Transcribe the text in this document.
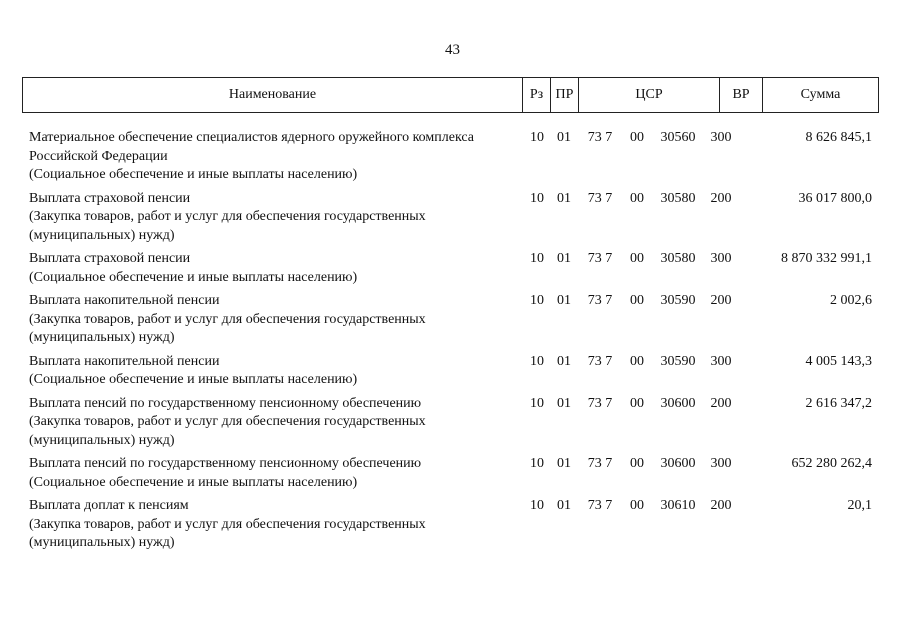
43
Наименование	Рз ПР	ЦСР	ВР	Сумма
Материальное обеспечение специалистов ядерного оружейного комплекса
Российской Федерации
(Социальное обеспечение и иные выплаты населению)
10 01 73 7 00	30560	300	8 626 845,1
Выплата страховой пенсии
(Закупка товаров, работ и услуг для обеспечения государственных
(муниципальных) нужд)
10 01 73 7 00	30580	200	36 017 800,0
Выплата страховой пенсии
(Социальное обеспечение и иные выплаты населению)
10 01 73 7 00	30580	300	8 870 332 991,1
Выплата накопительной пенсии
(Закупка товаров, работ и услуг для обеспечения государственных
(муниципальных) нужд)
10 01 73 7 00	30590	200	2 002,6
Выплата накопительной пенсии
(Социальное обеспечение и иные выплаты населению)
10 01 73 7 00	30590	300	4 005 143,3
Выплата пенсий по государственному пенсионному обеспечению
(Закупка товаров, работ и услуг для обеспечения государственных
(муниципальных) нужд)
10 01 73 7 00	30600	200	2 616 347,2
Выплата пенсий по государственному пенсионному обеспечению
(Социальное обеспечение и иные выплаты населению)
10 01 73 7 00	30600	300	652 280 262,4
Выплата доплат к пенсиям
(Закупка товаров, работ и услуг для обеспечения государственных
(муниципальных) нужд)
10 01 73 7 00	30610	200	20,1
